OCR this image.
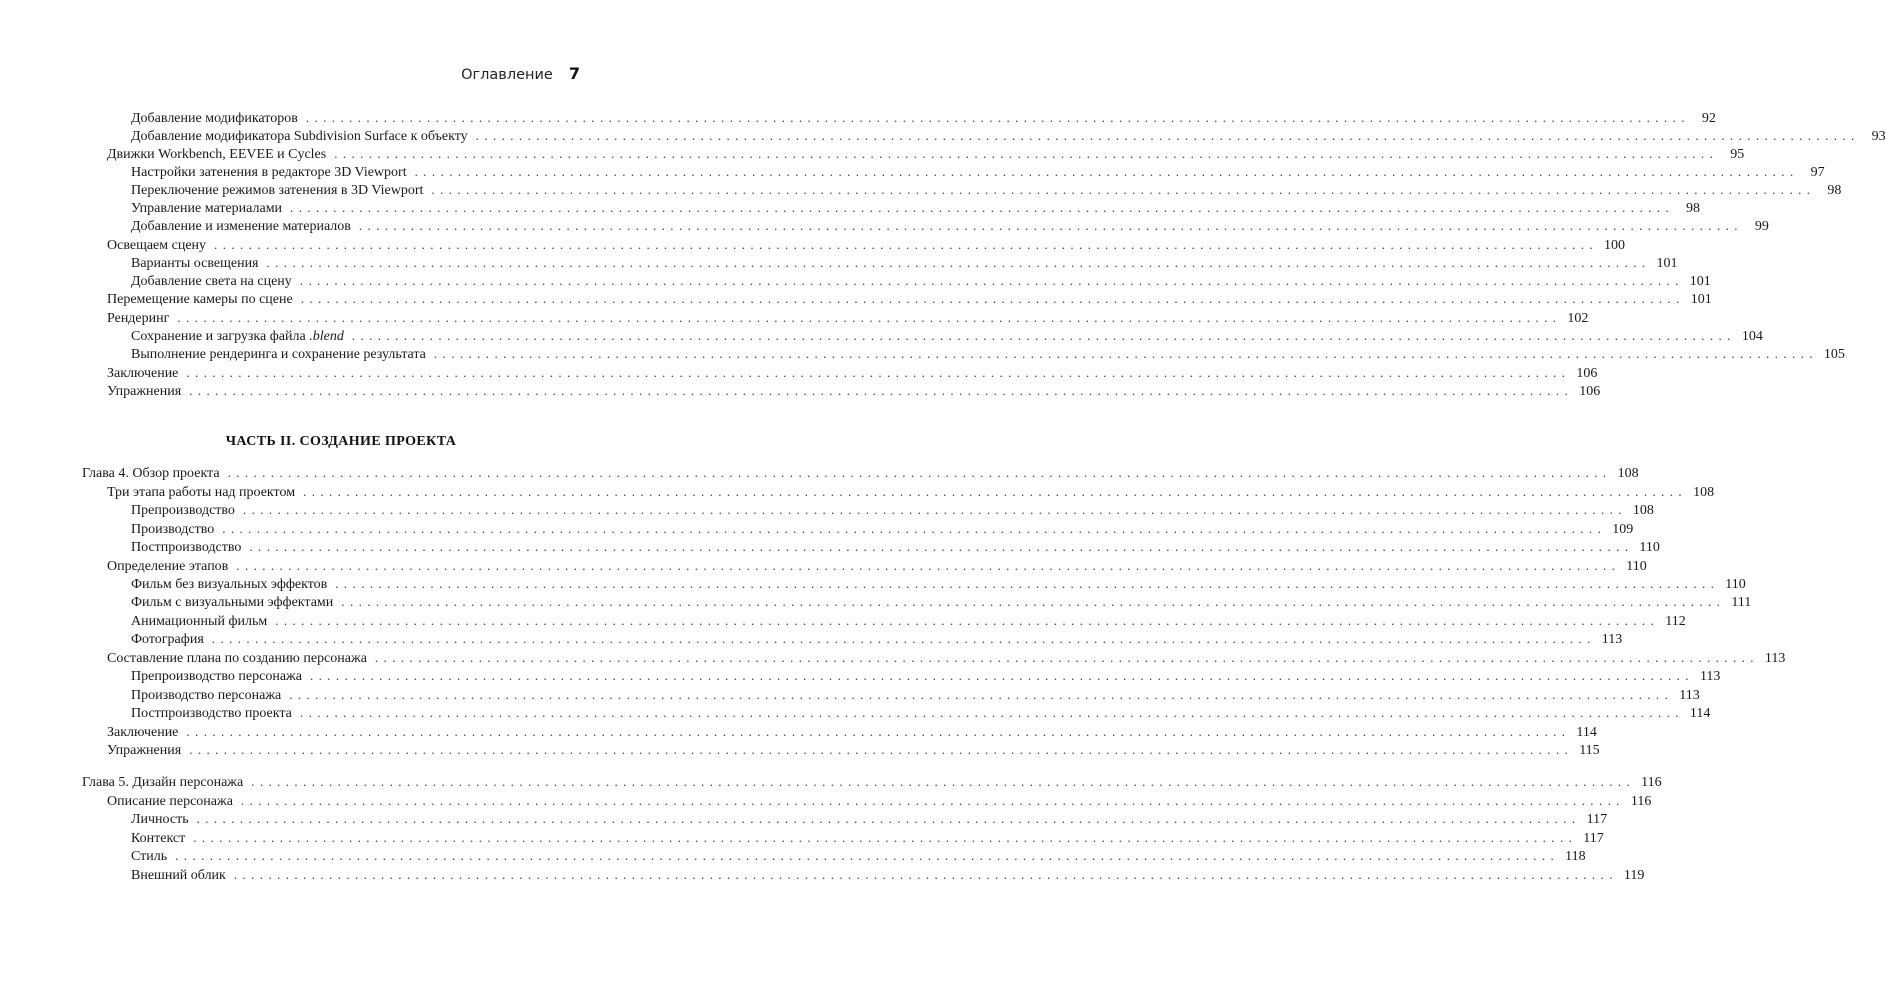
Оглавление 7
ЧАСТЬ II. СОЗДАНИЕ ПРОЕКТА
Добавление модификаторов ................................................................................................................................................................ 92
Добавление модификатора Subdivision Surface к объекту ................................................................................................................................................................ 93
Движки Workbench, EEVEE и Cycles ................................................................................................................................................................ 95
Настройки затенения в редакторе 3D Viewport ................................................................................................................................................................ 97
Переключение режимов затенения в 3D Viewport ................................................................................................................................................................ 98
Управление материалами ................................................................................................................................................................ 98
Добавление и изменение материалов ................................................................................................................................................................ 99
Освещаем сцену ................................................................................................................................................................ 100
Варианты освещения ................................................................................................................................................................ 101
Добавление света на сцену ................................................................................................................................................................ 101
Перемещение камеры по сцене ................................................................................................................................................................ 101
Рендеринг ................................................................................................................................................................ 102
Сохранение и загрузка файла .blend ................................................................................................................................................................ 104
Выполнение рендеринга и сохранение результата ................................................................................................................................................................ 105
Заключение ................................................................................................................................................................ 106
Упражнения ................................................................................................................................................................ 106
Глава 4. Обзор проекта ................................................................................................................................................................ 108
Три этапа работы над проектом ................................................................................................................................................................ 108
Препроизводство ................................................................................................................................................................ 108
Производство ................................................................................................................................................................ 109
Постпроизводство ................................................................................................................................................................ 110
Определение этапов ................................................................................................................................................................ 110
Фильм без визуальных эффектов ................................................................................................................................................................ 110
Фильм с визуальными эффектами ................................................................................................................................................................ 111
Анимационный фильм ................................................................................................................................................................ 112
Фотография ................................................................................................................................................................ 113
Составление плана по созданию персонажа ................................................................................................................................................................ 113
Препроизводство персонажа ................................................................................................................................................................ 113
Производство персонажа ................................................................................................................................................................ 113
Постпроизводство проекта ................................................................................................................................................................ 114
Заключение ................................................................................................................................................................ 114
Упражнения ................................................................................................................................................................ 115
Глава 5. Дизайн персонажа ................................................................................................................................................................ 116
Описание персонажа ................................................................................................................................................................ 116
Личность ................................................................................................................................................................ 117
Контекст ................................................................................................................................................................ 117
Стиль ................................................................................................................................................................ 118
Внешний облик ................................................................................................................................................................ 119
